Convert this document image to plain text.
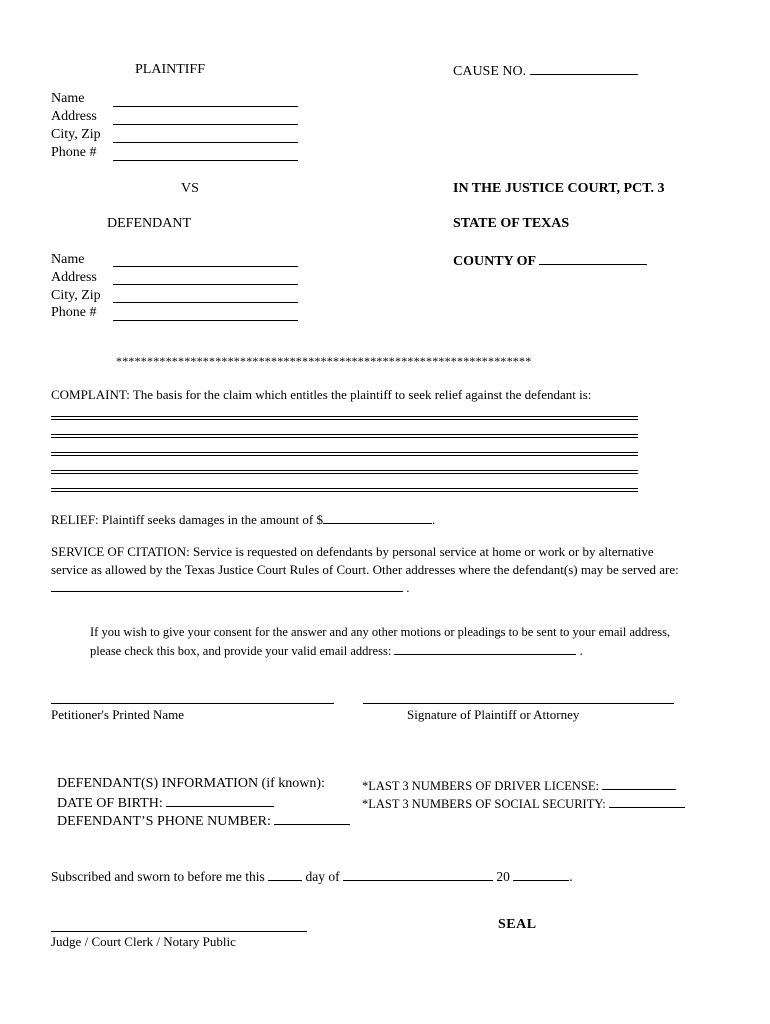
PLAINTIFF
Name
Address
City, Zip
Phone #
CAUSE NO.
VS	IN THE JUSTICE COURT, PCT. 3
STATE OF TEXAS
COUNTY OF
DEFENDANT
Name
Address
City, Zip
Phone #
*******************************************************************
COMPLAINT: The basis for the claim which entitles the plaintiff to seek relief against the defendant is:
RELIEF: Plaintiff seeks damages in the amount of $	.
SERVICE OF CITATION: Service is requested on defendants by personal service at home or work or by alternative
service as allowed by the Texas Justice Court Rules of Court. Other addresses where the defendant(s) may be served are:
.
If you wish to give your consent for the answer and any other motions or pleadings to be sent to your email address,
please check this box, and provide your valid email address:	.
Petitioner's Printed Name	Signature of Plaintiff or Attorney
DEFENDANT(S) INFORMATION (if known):
DATE OF BIRTH:
DEFENDANT’S PHONE NUMBER:
*LAST 3 NUMBERS OF DRIVER LICENSE:
*LAST 3 NUMBERS OF SOCIAL SECURITY:
Subscribed and sworn to before me this	day of	20	.
Judge / Court Clerk / Notary Public
SEAL
